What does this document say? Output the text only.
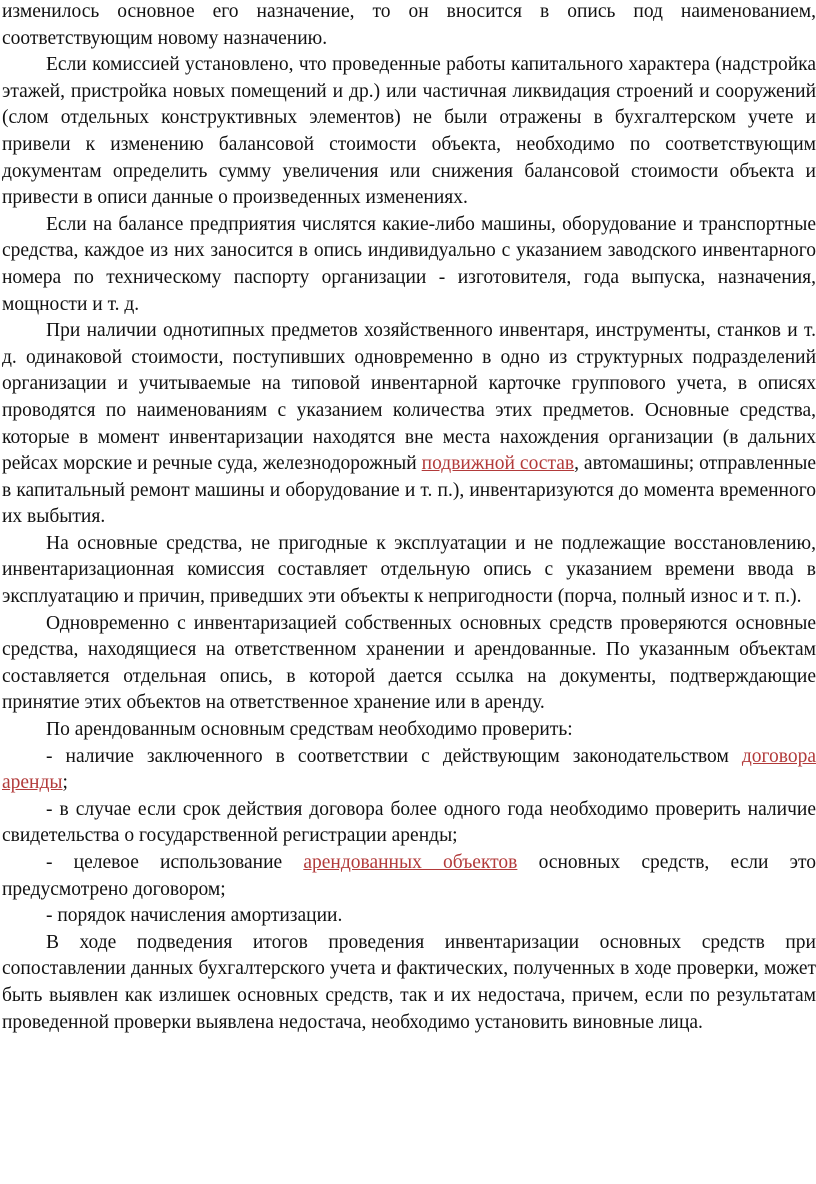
изменилось основное его назначение, то он вносится в опись под наименованием, соответствующим новому назначению.

Если комиссией установлено, что проведенные работы капитального характера (надстройка этажей, пристройка новых помещений и др.) или частичная ликвидация строений и сооружений (слом отдельных конструктивных элементов) не были отражены в бухгалтерском учете и привели к изменению балансовой стоимости объекта, необходимо по соответствующим документам определить сумму увеличения или снижения балансовой стоимости объекта и привести в описи данные о произведенных изменениях.

Если на балансе предприятия числятся какие-либо машины, оборудование и транспортные средства, каждое из них заносится в опись индивидуально с указанием заводского инвентарного номера по техническому паспорту организации - изготовителя, года выпуска, назначения, мощности и т. д.

При наличии однотипных предметов хозяйственного инвентаря, инструменты, станков и т. д. одинаковой стоимости, поступивших одновременно в одно из структурных подразделений организации и учитываемые на типовой инвентарной карточке группового учета, в описях проводятся по наименованиям с указанием количества этих предметов. Основные средства, которые в момент инвентаризации находятся вне места нахождения организации (в дальних рейсах морские и речные суда, железнодорожный подвижной состав, автомашины; отправленные в капитальный ремонт машины и оборудование и т. п.), инвентаризуются до момента временного их выбытия.

На основные средства, не пригодные к эксплуатации и не подлежащие восстановлению, инвентаризационная комиссия составляет отдельную опись с указанием времени ввода в эксплуатацию и причин, приведших эти объекты к непригодности (порча, полный износ и т. п.).

Одновременно с инвентаризацией собственных основных средств проверяются основные средства, находящиеся на ответственном хранении и арендованные. По указанным объектам составляется отдельная опись, в которой дается ссылка на документы, подтверждающие принятие этих объектов на ответственное хранение или в аренду.

По арендованным основным средствам необходимо проверить:

- наличие заключенного в соответствии с действующим законодательством договора аренды;

- в случае если срок действия договора более одного года необходимо проверить наличие свидетельства о государственной регистрации аренды;

- целевое использование арендованных объектов основных средств, если это предусмотрено договором;

- порядок начисления амортизации.

В ходе подведения итогов проведения инвентаризации основных средств при сопоставлении данных бухгалтерского учета и фактических, полученных в ходе проверки, может быть выявлен как излишек основных средств, так и их недостача, причем, если по результатам проведенной проверки выявлена недостача, необходимо установить виновные лица.
